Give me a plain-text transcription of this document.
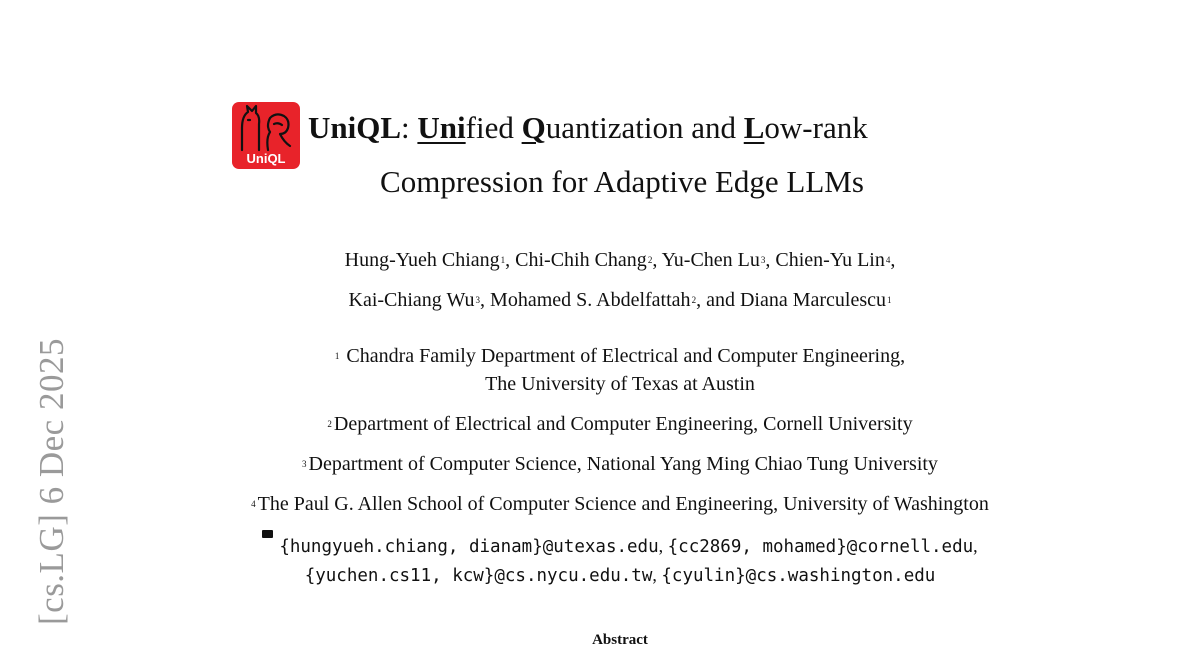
[cs.LG] 6 Dec 2025
UniQL
UniQL: Unified Quantization and Low-rank
Compression for Adaptive Edge LLMs
Hung-Yueh Chiang$^1$, Chi-Chih Chang$^2$, Yu-Chen Lu$^3$, Chien-Yu Lin$^4$,
Kai-Chiang Wu$^3$, Mohamed S. Abdelfattah$^2$, and Diana Marculescu$^1$
$^1$ Chandra Family Department of Electrical and Computer Engineering,
The University of Texas at Austin
$^2$ Department of Electrical and Computer Engineering, Cornell University
$^3$ Department of Computer Science, National Yang Ming Chiao Tung University
$^4$ The Paul G. Allen School of Computer Science and Engineering, University of Washington
{hungyueh.chiang, dianam}@utexas.edu, {cc2869, mohamed}@cornell.edu,
{yuchen.cs11, kcw}@cs.nycu.edu.tw, {cyulin}@cs.washington.edu
Abstract
